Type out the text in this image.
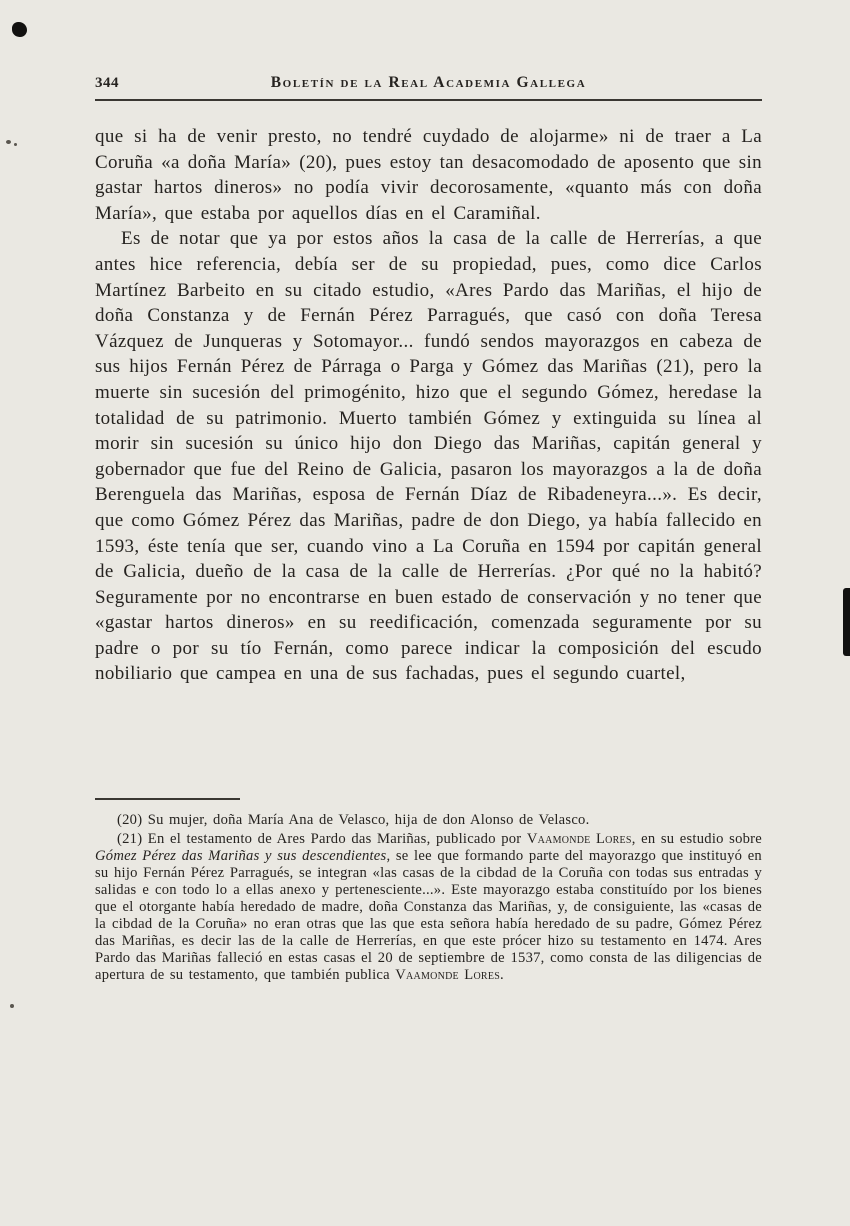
344	Boletín de la Real Academia Gallega

que si ha de venir presto, no tendré cuydado de alojarme» ni de traer a La Coruña «a doña María» (20), pues estoy tan desacomodado de aposento que sin gastar hartos dineros» no podía vivir decorosamente, «quanto más con doña María», que estaba por aquellos días en el Caramiñal.

Es de notar que ya por estos años la casa de la calle de Herrerías, a que antes hice referencia, debía ser de su propiedad, pues, como dice Carlos Martínez Barbeito en su citado estudio, «Ares Pardo das Mariñas, el hijo de doña Constanza y de Fernán Pérez Parragués, que casó con doña Teresa Vázquez de Junqueras y Sotomayor... fundó sendos mayorazgos en cabeza de sus hijos Fernán Pérez de Párraga o Parga y Gómez das Mariñas (21), pero la muerte sin sucesión del primogénito, hizo que el segundo Gómez, heredase la totalidad de su patrimonio. Muerto también Gómez y extinguida su línea al morir sin sucesión su único hijo don Diego das Mariñas, capitán general y gobernador que fue del Reino de Galicia, pasaron los mayorazgos a la de doña Berenguela das Mariñas, esposa de Fernán Díaz de Ribadeneyra...». Es decir, que como Gómez Pérez das Mariñas, padre de don Diego, ya había fallecido en 1593, éste tenía que ser, cuando vino a La Coruña en 1594 por capitán general de Galicia, dueño de la casa de la calle de Herrerías. ¿Por qué no la habitó? Seguramente por no encontrarse en buen estado de conservación y no tener que «gastar hartos dineros» en su reedificación, comenzada seguramente por su padre o por su tío Fernán, como parece indicar la composición del escudo nobiliario que campea en una de sus fachadas, pues el segundo cuartel,

(20) Su mujer, doña María Ana de Velasco, hija de don Alonso de Velasco.

(21) En el testamento de Ares Pardo das Mariñas, publicado por Vaamonde Lores, en su estudio sobre Gómez Pérez das Mariñas y sus descendientes, se lee que formando parte del mayorazgo que instituyó en su hijo Fernán Pérez Parragués, se integran «las casas de la cibdad de la Coruña con todas sus entradas y salidas e con todo lo a ellas anexo y pertenesciente...». Este mayorazgo estaba constituído por los bienes que el otorgante había heredado de madre, doña Constanza das Mariñas, y, de consiguiente, las «casas de la cibdad de la Coruña» no eran otras que las que esta señora había heredado de su padre, Gómez Pérez das Mariñas, es decir las de la calle de Herrerías, en que este prócer hizo su testamento en 1474. Ares Pardo das Mariñas falleció en estas casas el 20 de septiembre de 1537, como consta de las diligencias de apertura de su testamento, que también publica Vaamonde Lores.
